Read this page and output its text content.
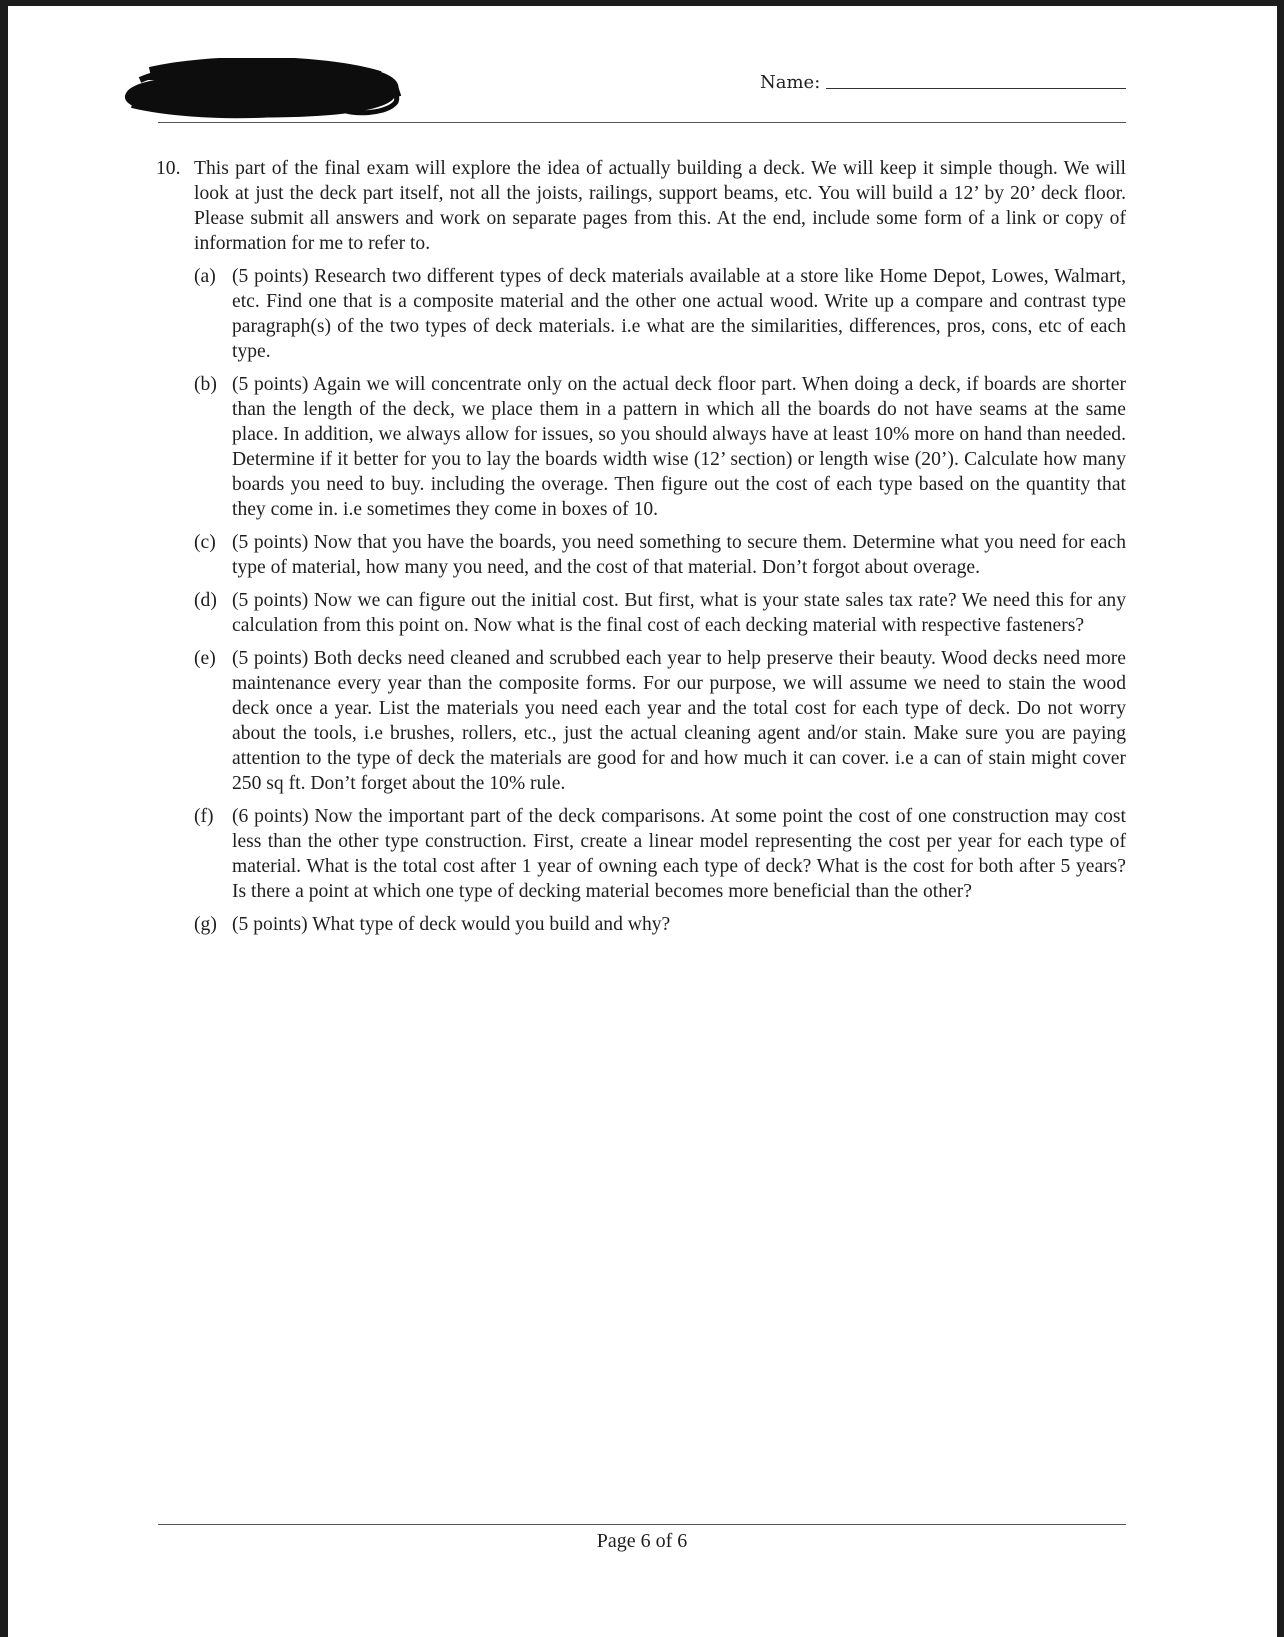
Name:
10. This part of the final exam will explore the idea of actually building a deck. We will keep it simple though. We will look at just the deck part itself, not all the joists, railings, support beams, etc. You will build a 12’ by 20’ deck floor. Please submit all answers and work on separate pages from this. At the end, include some form of a link or copy of information for me to refer to.
(a) (5 points) Research two different types of deck materials available at a store like Home Depot, Lowes, Walmart, etc. Find one that is a composite material and the other one actual wood. Write up a compare and contrast type paragraph(s) of the two types of deck materials. i.e what are the similarities, differences, pros, cons, etc of each type.
(b) (5 points) Again we will concentrate only on the actual deck floor part. When doing a deck, if boards are shorter than the length of the deck, we place them in a pattern in which all the boards do not have seams at the same place. In addition, we always allow for issues, so you should always have at least 10% more on hand than needed. Determine if it better for you to lay the boards width wise (12’ section) or length wise (20’). Calculate how many boards you need to buy. including the overage. Then figure out the cost of each type based on the quantity that they come in. i.e sometimes they come in boxes of 10.
(c) (5 points) Now that you have the boards, you need something to secure them. Determine what you need for each type of material, how many you need, and the cost of that material. Don’t forgot about overage.
(d) (5 points) Now we can figure out the initial cost. But first, what is your state sales tax rate? We need this for any calculation from this point on. Now what is the final cost of each decking material with respective fasteners?
(e) (5 points) Both decks need cleaned and scrubbed each year to help preserve their beauty. Wood decks need more maintenance every year than the composite forms. For our purpose, we will assume we need to stain the wood deck once a year. List the materials you need each year and the total cost for each type of deck. Do not worry about the tools, i.e brushes, rollers, etc., just the actual cleaning agent and/or stain. Make sure you are paying attention to the type of deck the materials are good for and how much it can cover. i.e a can of stain might cover 250 sq ft. Don’t forget about the 10% rule.
(f) (6 points) Now the important part of the deck comparisons. At some point the cost of one construction may cost less than the other type construction. First, create a linear model representing the cost per year for each type of material. What is the total cost after 1 year of owning each type of deck? What is the cost for both after 5 years? Is there a point at which one type of decking material becomes more beneficial than the other?
(g) (5 points) What type of deck would you build and why?
Page 6 of 6
